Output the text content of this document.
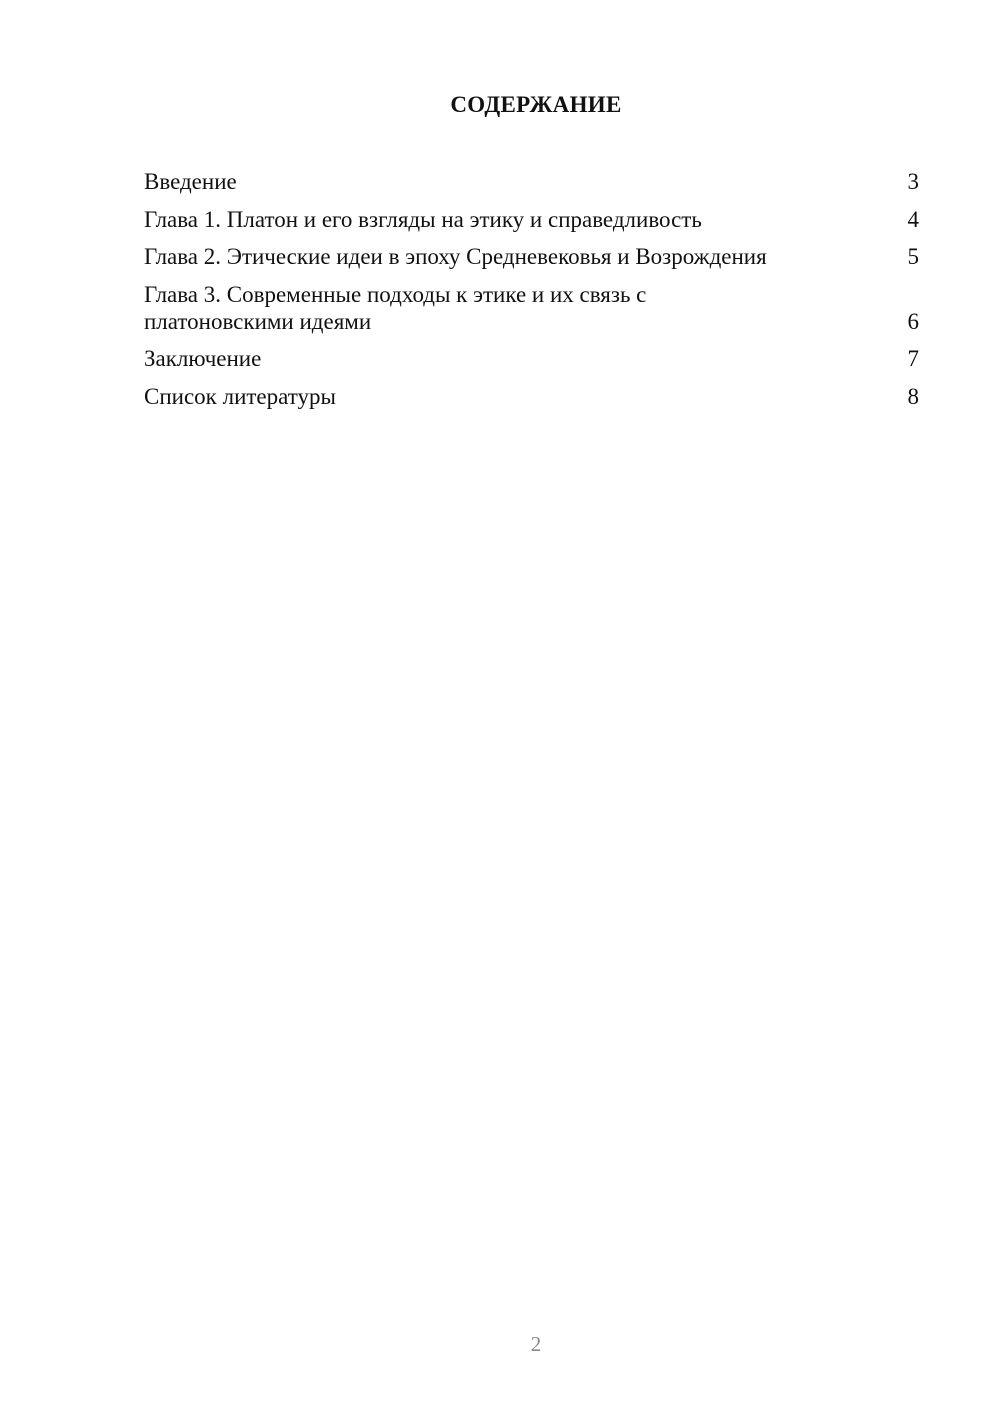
СОДЕРЖАНИЕ
Введение	3
Глава 1. Платон и его взгляды на этику и справедливость	4
Глава 2. Этические идеи в эпоху Средневековья и Возрождения	5
Глава 3. Современные подходы к этике и их связь с платоновскими идеями	6
Заключение	7
Список литературы	8
2
